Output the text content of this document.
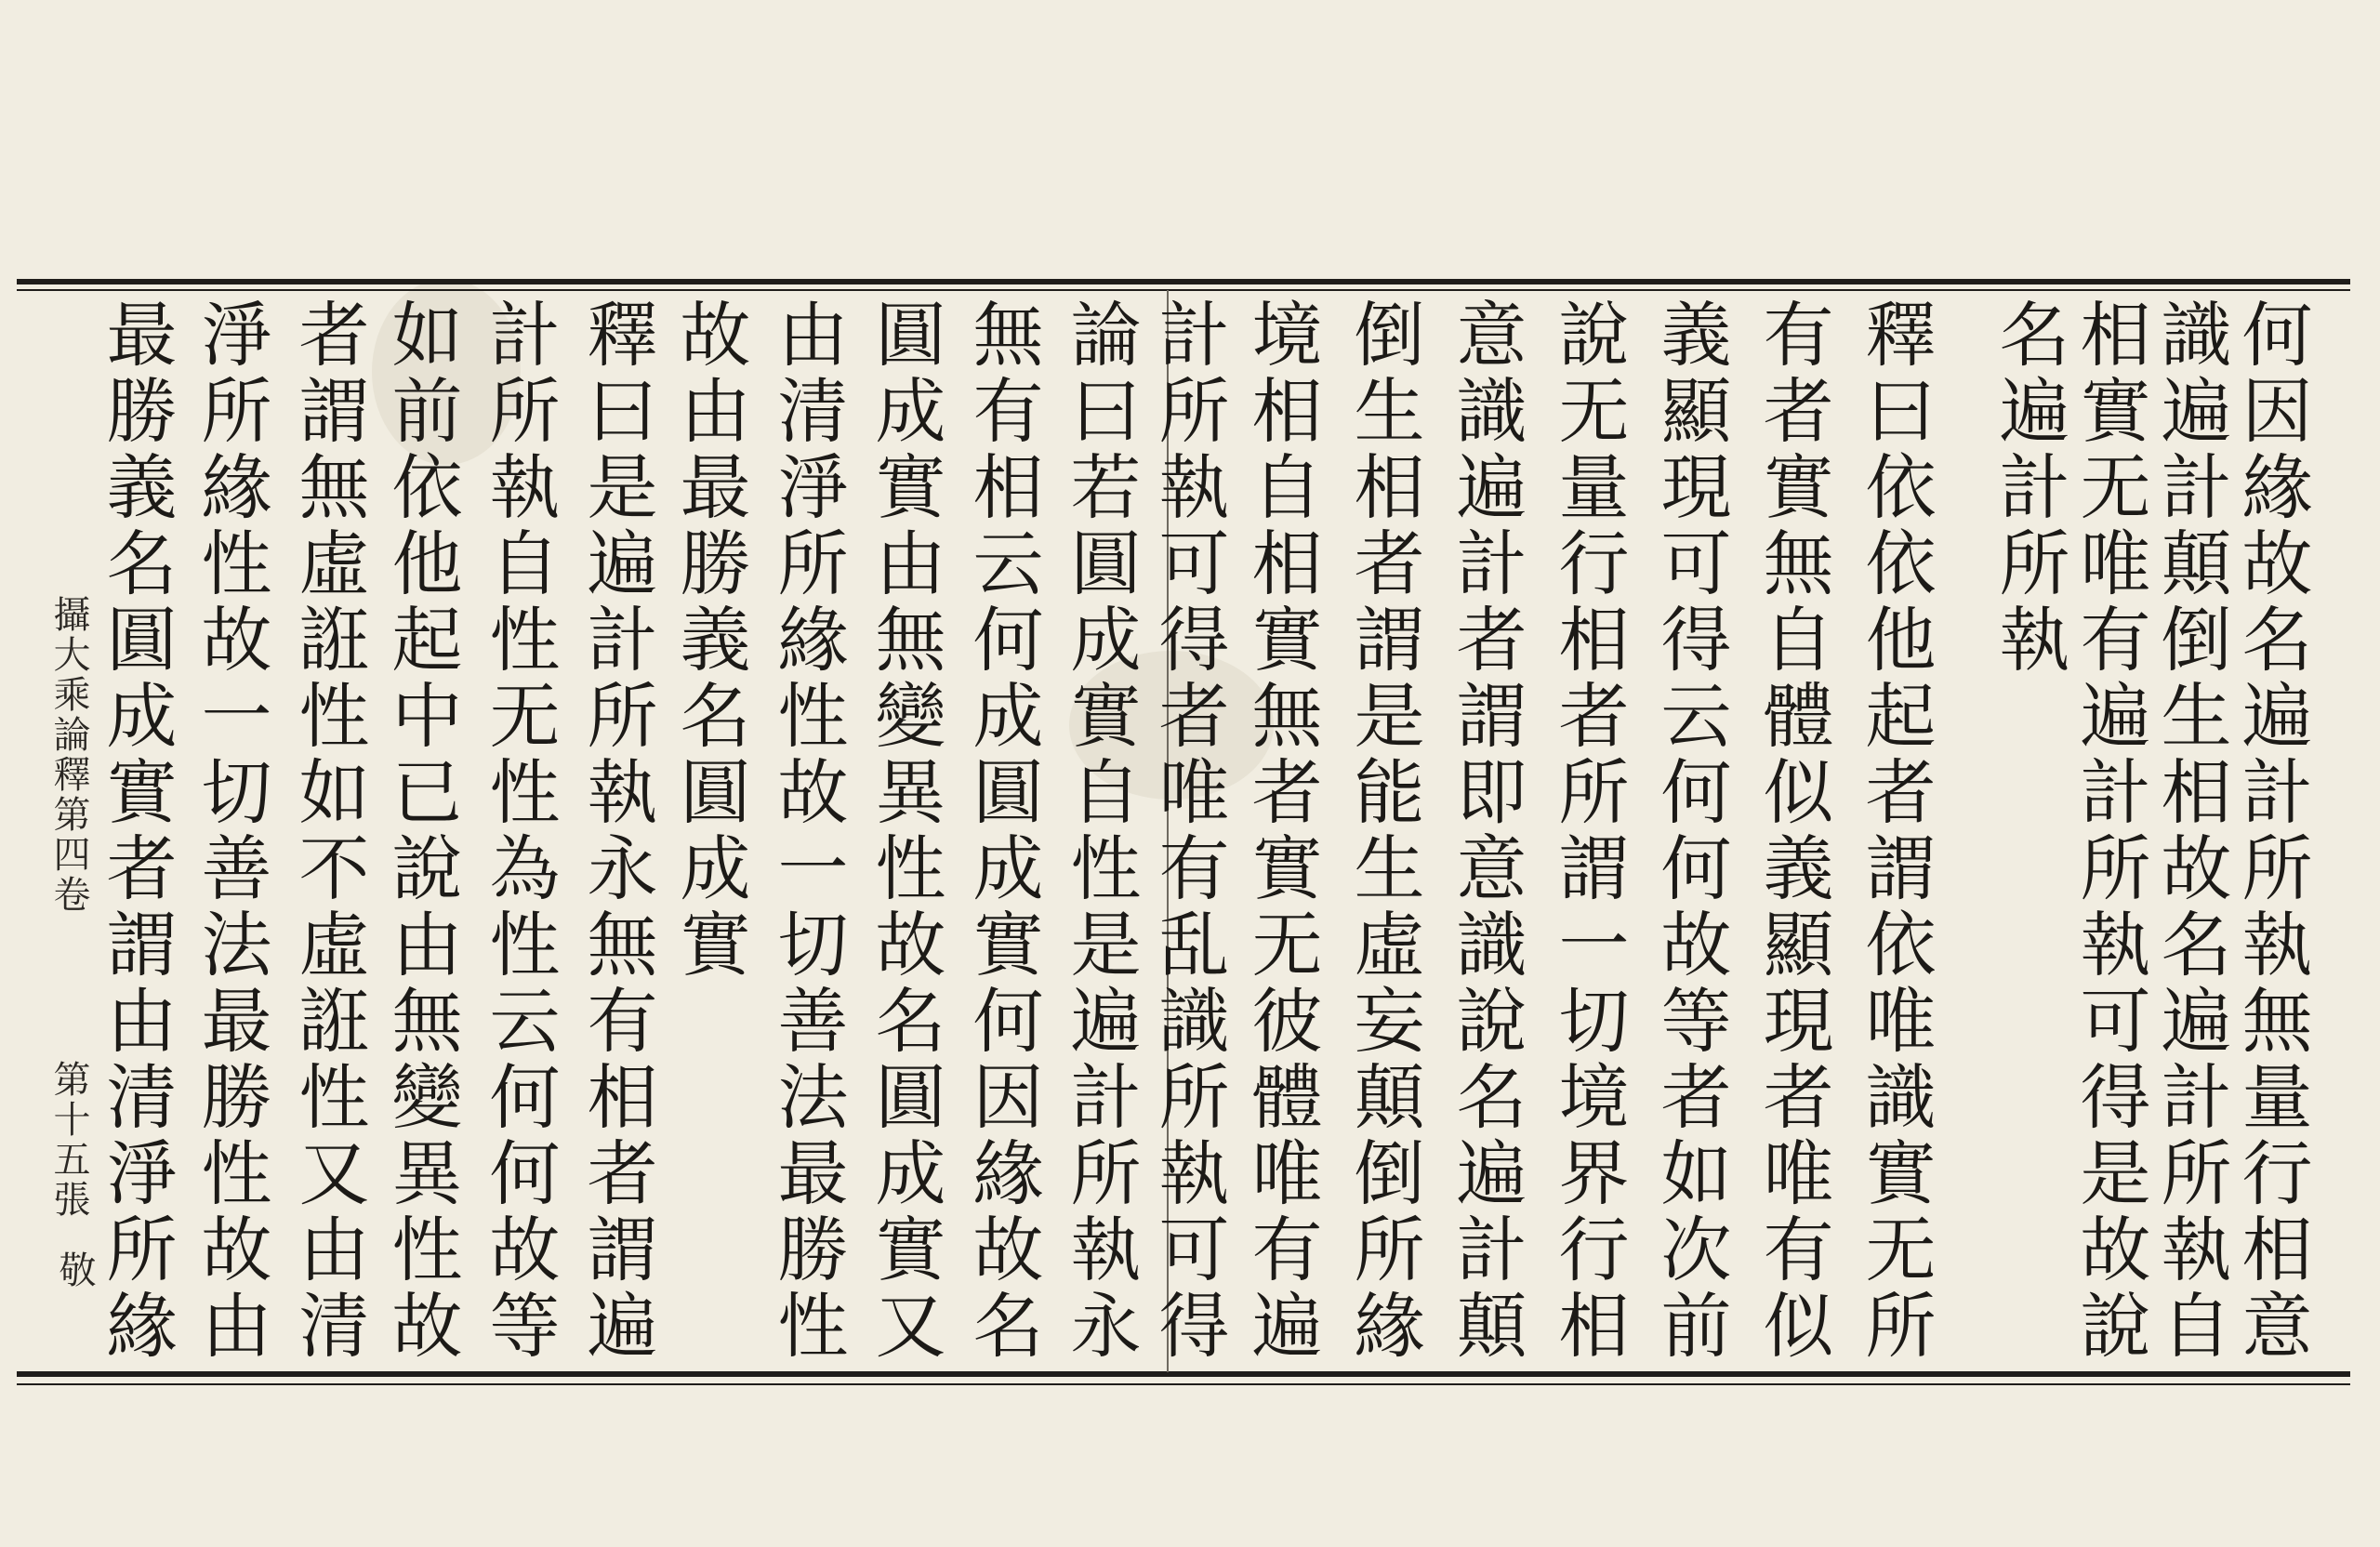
何因緣故名遍計所執無量行相意
識遍計顛倒生相故名遍計所執自
相實无唯有遍計所執可得是故說
名遍計所執
釋曰依依他起者謂依唯識實无所
有者實無自體似義顯現者唯有似
義顯現可得云何何故等者如次前
說无量行相者所謂一切境界行相
意識遍計者謂即意識說名遍計顛
倒生相者謂是能生虛妄顛倒所緣
境相自相實無者實无彼體唯有遍
計所執可得者唯有乱識所執可得
論曰若圓成實自性是遍計所執永
無有相云何成圓成實何因緣故名
圓成實由無變異性故名圓成實又
由清淨所緣性故一切善法最勝性
故由最勝義名圓成實
釋曰是遍計所執永無有相者謂遍
計所執自性无性為性云何何故等
如前依他起中已說由無變異性故
者謂無虛誑性如不虛誑性又由清
淨所緣性故一切善法最勝性故由
最勝義名圓成實者謂由清淨所緣
攝大乘論釋第四卷
第十五張
敬
